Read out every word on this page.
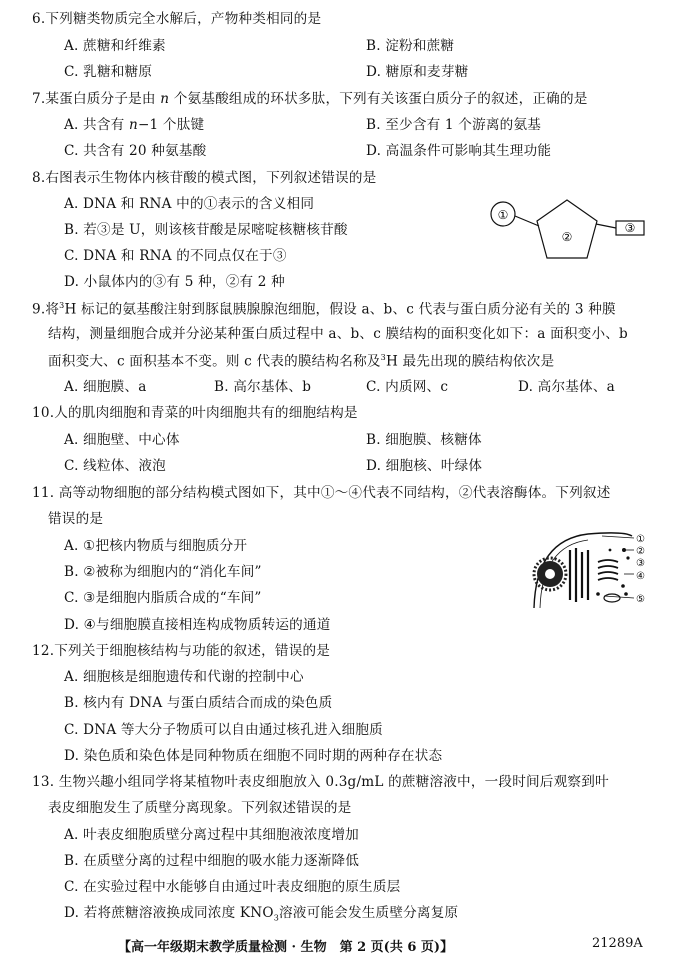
6.下列糖类物质完全水解后，产物种类相同的是
A. 蔗糖和纤维素	B. 淀粉和蔗糖
C. 乳糖和糖原	D. 糖原和麦芽糖
7.某蛋白质分子是由 n 个氨基酸组成的环状多肽，下列有关该蛋白质分子的叙述，正确的是
A. 共含有 n−1 个肽键	B. 至少含有 1 个游离的氨基
C. 共含有 20 种氨基酸	D. 高温条件可影响其生理功能
8.右图表示生物体内核苷酸的模式图，下列叙述错误的是
A. DNA 和 RNA 中的①表示的含义相同
B. 若③是 U，则该核苷酸是尿嘧啶核糖核苷酸
C. DNA 和 RNA 的不同点仅在于③
D. 小鼠体内的③有 5 种，②有 2 种
①
②
③
9.将$^3$H 标记的氨基酸注射到豚鼠胰腺腺泡细胞，假设 a、b、c 代表与蛋白质分泌有关的 3 种膜
结构，测量细胞合成并分泌某种蛋白质过程中 a、b、c 膜结构的面积变化如下：a 面积变小、b
面积变大、c 面积基本不变。则 c 代表的膜结构名称及$^3$H 最先出现的膜结构依次是
A. 细胞膜、a	B. 高尔基体、b	C. 内质网、c	D. 高尔基体、a
10.人的肌肉细胞和青菜的叶肉细胞共有的细胞结构是
A. 细胞壁、中心体	B. 细胞膜、核糖体
C. 线粒体、液泡	D. 细胞核、叶绿体
11. 高等动物细胞的部分结构模式图如下，其中①～④代表不同结构，②代表溶酶体。下列叙述
错误的是
A. ①把核内物质与细胞质分开
B. ②被称为细胞内的“消化车间”
C. ③是细胞内脂质合成的“车间”
D. ④与细胞膜直接相连构成物质转运的通道
①
②
③
④
⑤
12.下列关于细胞核结构与功能的叙述，错误的是
A. 细胞核是细胞遗传和代谢的控制中心
B. 核内有 DNA 与蛋白质结合而成的染色质
C. DNA 等大分子物质可以自由通过核孔进入细胞质
D. 染色质和染色体是同种物质在细胞不同时期的两种存在状态
13. 生物兴趣小组同学将某植物叶表皮细胞放入 0.3g/mL 的蔗糖溶液中，一段时间后观察到叶
表皮细胞发生了质壁分离现象。下列叙述错误的是
A. 叶表皮细胞质壁分离过程中其细胞液浓度增加
B. 在质壁分离的过程中细胞的吸水能力逐渐降低
C. 在实验过程中水能够自由通过叶表皮细胞的原生质层
D. 若将蔗糖溶液换成同浓度 $KNO_3$溶液可能会发生质壁分离复原
【高一年级期末教学质量检测 · 生物　第 2 页(共 6 页)】	21289A
